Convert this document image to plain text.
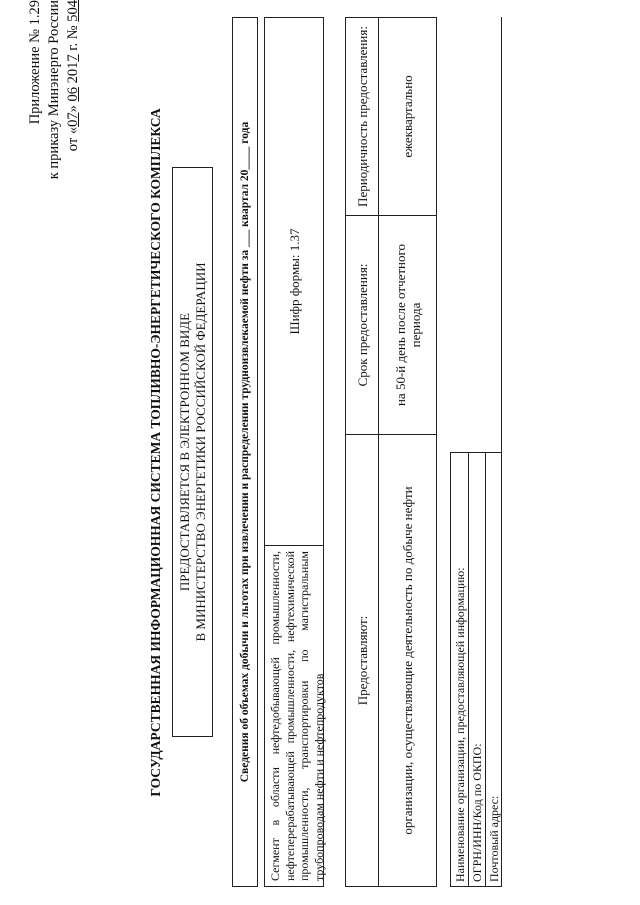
Приложение № 1.29 к приказу Минэнерго России от «07» 06 2017 г. № 504
ГОСУДАРСТВЕННАЯ ИНФОРМАЦИОННАЯ СИСТЕМА ТОПЛИВНО-ЭНЕРГЕТИЧЕСКОГО КОМПЛЕКСА ПРЕДОСТАВЛЯЕТСЯ В ЭЛЕКТРОННОМ ВИДЕ В МИНИСТЕРСТВО ЭНЕРГЕТИКИ РОССИЙСКОЙ ФЕДЕРАЦИИ	Сведения об объемах добычи и льготах при извлечении и распределении трудноизвлекаемой нефти за ___ квартал 20____ года Сегмент в области нефтедобывающей промышленности, нефтеперерабатывающей промышленности, нефтехимической промышленности, транспортировки по магистральным трубопроводам нефти и нефтепродуктов
Шифр формы: 1.37
Предоставляют:
Срок предоставления:
Периодичность предоставления:
организации, осуществляющие деятельность по добыче нефти
на 50-й день после отчетного периода
ежеквартально
Наименование организации, предоставляющей информацию: ОГРН/ИНН/Код по ОКПО: Почтовый адрес:
